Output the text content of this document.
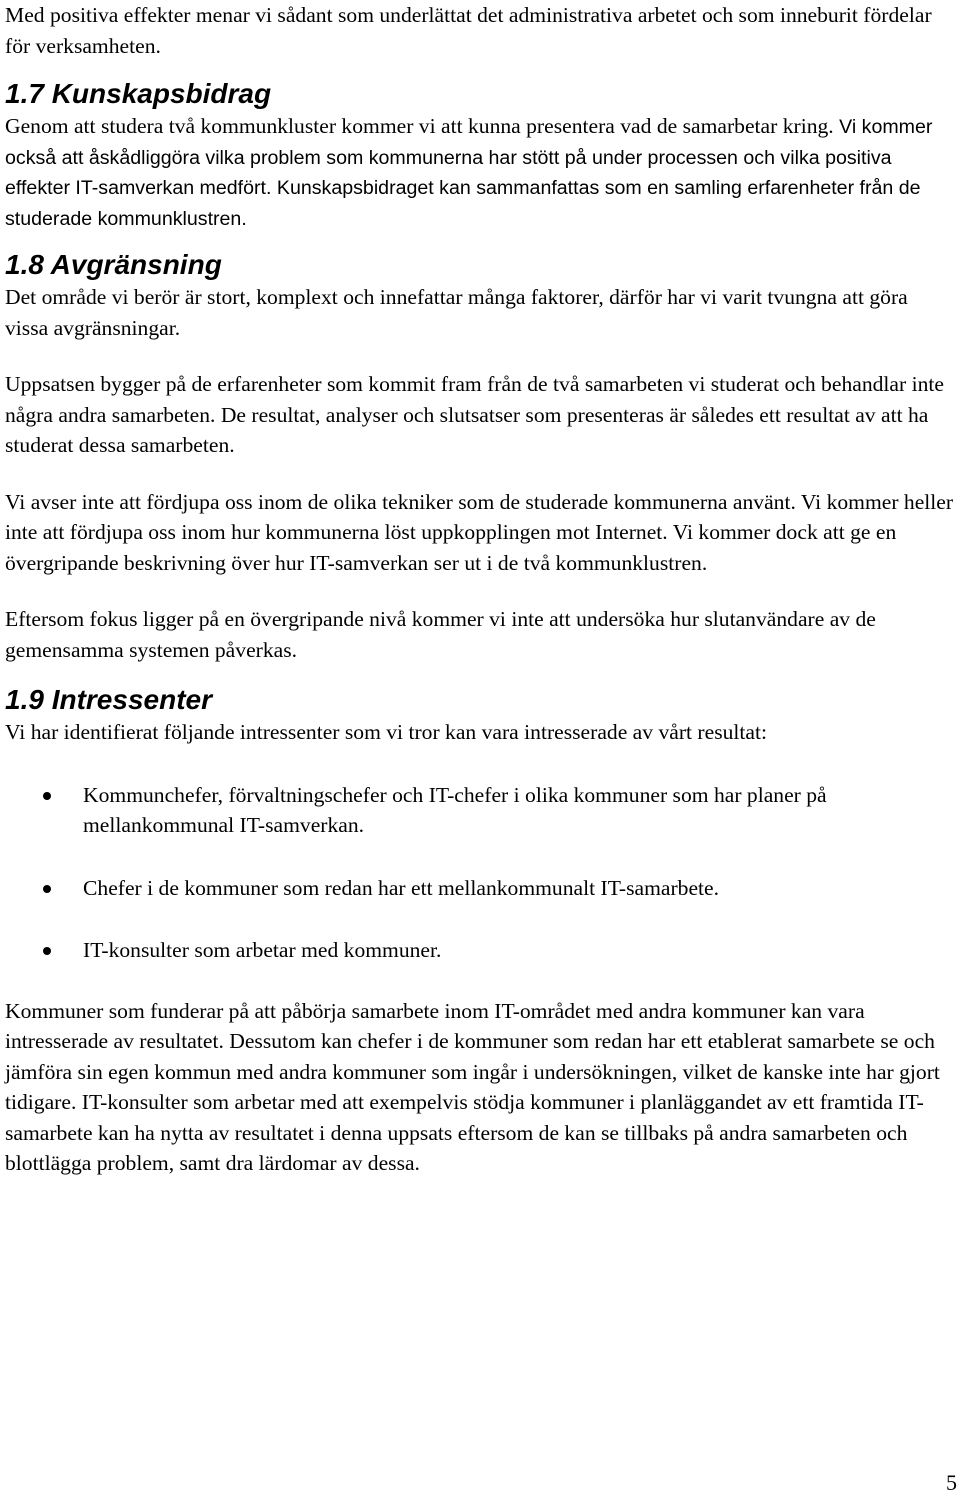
Med positiva effekter menar vi sådant som underlättat det administrativa arbetet och som inneburit fördelar för verksamheten.

1.7 Kunskapsbidrag

Genom att studera två kommunkluster kommer vi att kunna presentera vad de samarbetar kring. Vi kommer också att åskådliggöra vilka problem som kommunerna har stött på under processen och vilka positiva effekter IT-samverkan medfört. Kunskapsbidraget kan sammanfattas som en samling erfarenheter från de studerade kommunklustren.

1.8 Avgränsning

Det område vi berör är stort, komplext och innefattar många faktorer, därför har vi varit tvungna att göra vissa avgränsningar.

Uppsatsen bygger på de erfarenheter som kommit fram från de två samarbeten vi studerat och behandlar inte några andra samarbeten. De resultat, analyser och slutsatser som presenteras är således ett resultat av att ha studerat dessa samarbeten.

Vi avser inte att fördjupa oss inom de olika tekniker som de studerade kommunerna använt. Vi kommer heller inte att fördjupa oss inom hur kommunerna löst uppkopplingen mot Internet. Vi kommer dock att ge en övergripande beskrivning över hur IT-samverkan ser ut i de två kommunklustren.

Eftersom fokus ligger på en övergripande nivå kommer vi inte att undersöka hur slutanvändare av de gemensamma systemen påverkas.

1.9 Intressenter

Vi har identifierat följande intressenter som vi tror kan vara intresserade av vårt resultat:

Kommunchefer, förvaltningschefer och IT-chefer i olika kommuner som har planer på mellankommunal IT-samverkan.
Chefer i de kommuner som redan har ett mellankommunalt IT-samarbete.
IT-konsulter som arbetar med kommuner.

Kommuner som funderar på att påbörja samarbete inom IT-området med andra kommuner kan vara intresserade av resultatet. Dessutom kan chefer i de kommuner som redan har ett etablerat samarbete se och jämföra sin egen kommun med andra kommuner som ingår i undersökningen, vilket de kanske inte har gjort tidigare. IT-konsulter som arbetar med att exempelvis stödja kommuner i planläggandet av ett framtida IT-samarbete kan ha nytta av resultatet i denna uppsats eftersom de kan se tillbaks på andra samarbeten och blottlägga problem, samt dra lärdomar av dessa.

5
